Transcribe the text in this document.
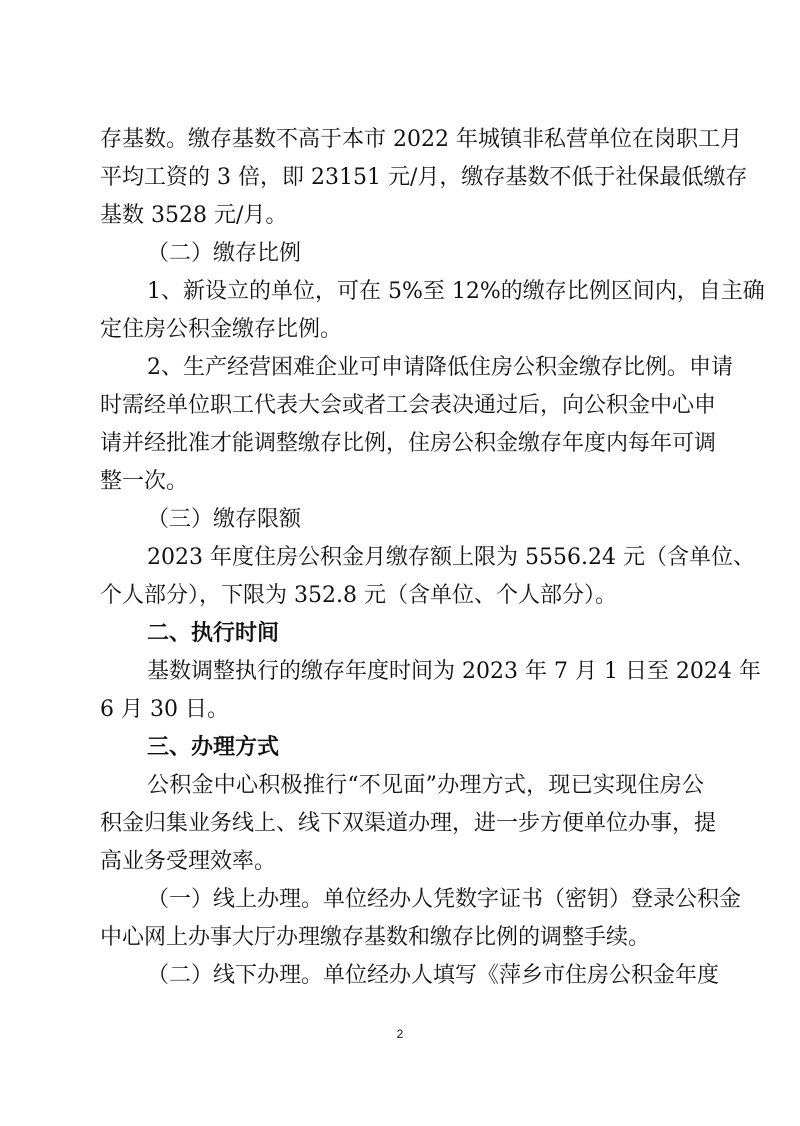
存基数。缴存基数不高于本市 2022 年城镇非私营单位在岗职工月
平均工资的 3 倍，即 23151 元/月，缴存基数不低于社保最低缴存
基数 3528 元/月。
（二）缴存比例
1、新设立的单位，可在 5%至 12%的缴存比例区间内，自主确
定住房公积金缴存比例。
2、生产经营困难企业可申请降低住房公积金缴存比例。申请
时需经单位职工代表大会或者工会表决通过后，向公积金中心申
请并经批准才能调整缴存比例，住房公积金缴存年度内每年可调
整一次。
（三）缴存限额
2023 年度住房公积金月缴存额上限为 5556.24 元（含单位、
个人部分），下限为 352.8 元（含单位、个人部分）。
二、执行时间
基数调整执行的缴存年度时间为 2023 年 7 月 1 日至 2024 年
6 月 30 日。
三、办理方式
公积金中心积极推行“不见面”办理方式，现已实现住房公
积金归集业务线上、线下双渠道办理，进一步方便单位办事，提
高业务受理效率。
（一）线上办理。单位经办人凭数字证书（密钥）登录公积金
中心网上办事大厅办理缴存基数和缴存比例的调整手续。
（二）线下办理。单位经办人填写《萍乡市住房公积金年度
2
